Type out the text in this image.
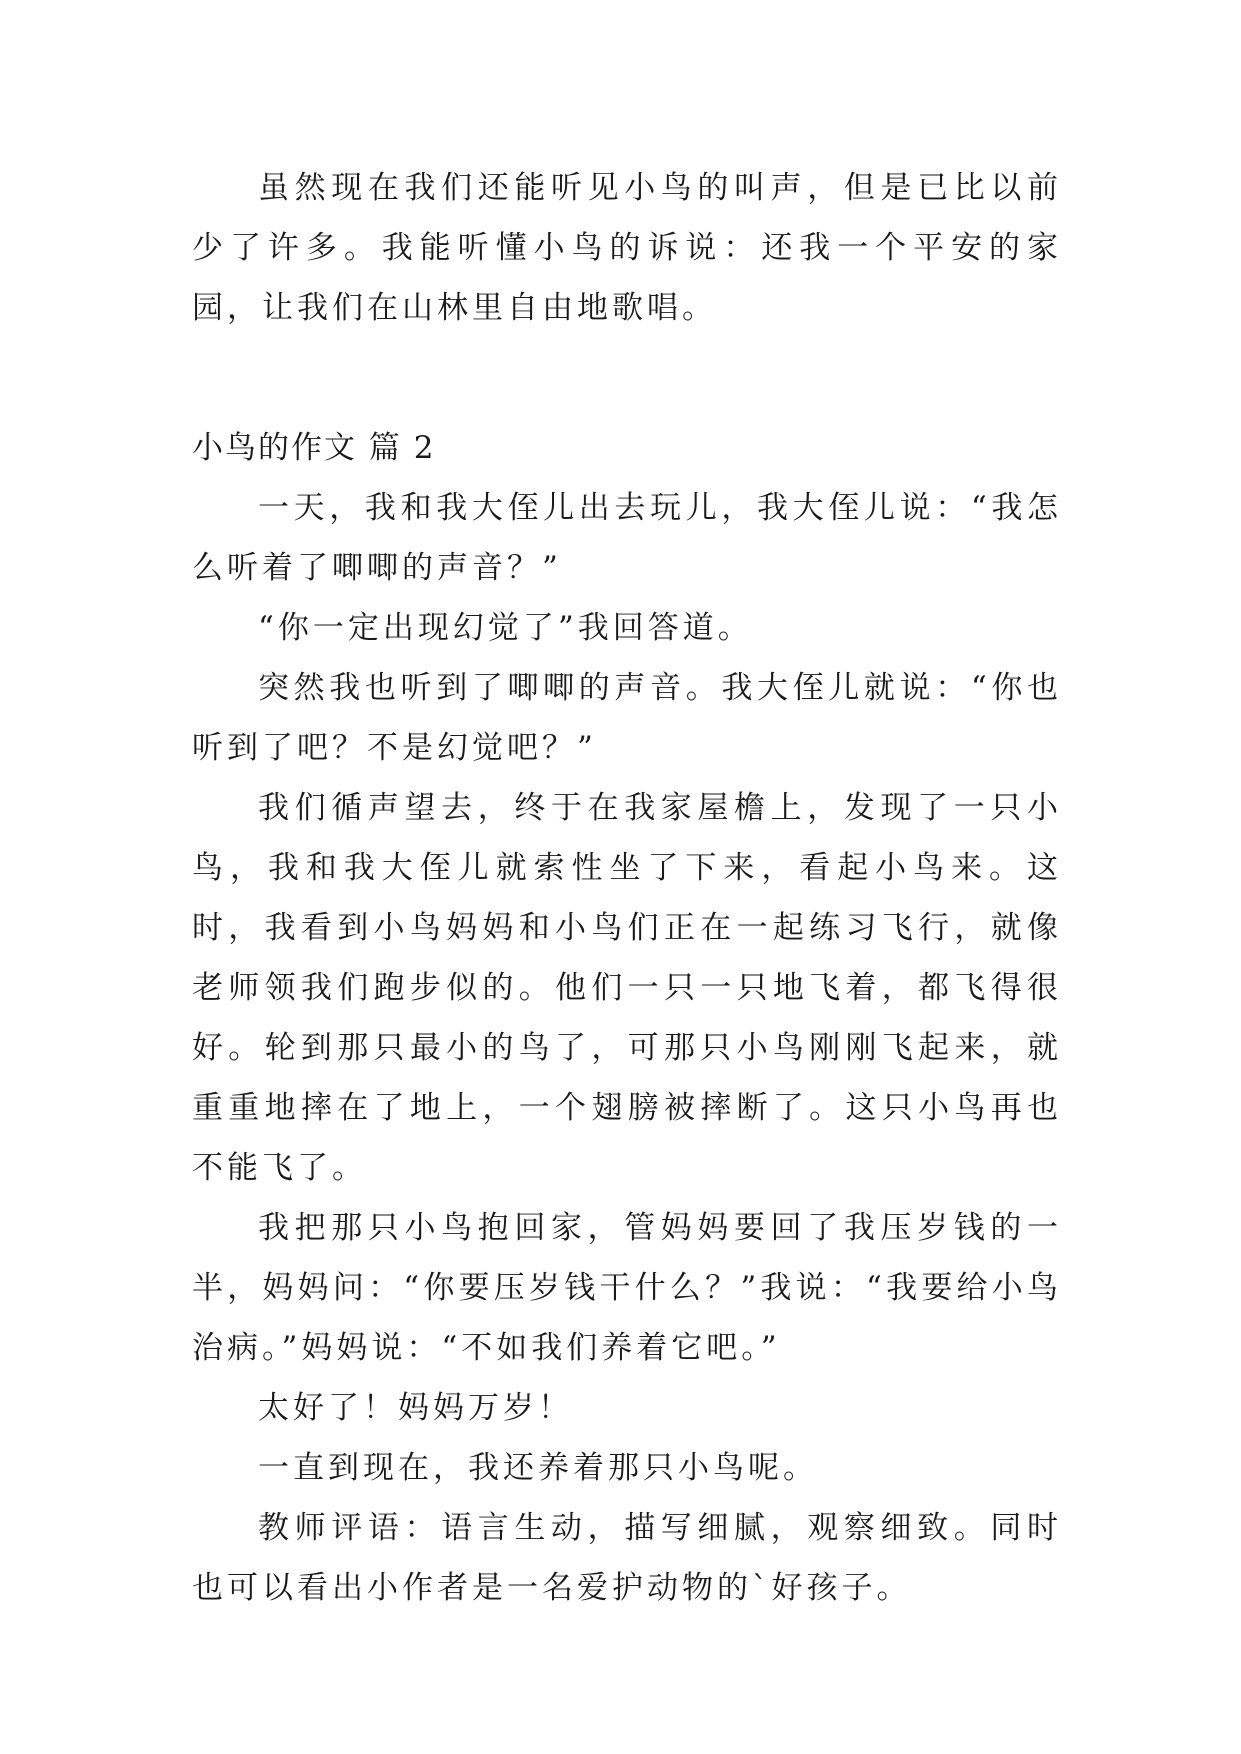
虽然现在我们还能听见小鸟的叫声，但是已比以前少了许多。我能听懂小鸟的诉说：还我一个平安的家园，让我们在山林里自由地歌唱。

小鸟的作文 篇 2

一天，我和我大侄儿出去玩儿，我大侄儿说：“我怎么听着了唧唧的声音？”

“你一定出现幻觉了”我回答道。

突然我也听到了唧唧的声音。我大侄儿就说：“你也听到了吧？不是幻觉吧？”

我们循声望去，终于在我家屋檐上，发现了一只小鸟，我和我大侄儿就索性坐了下来，看起小鸟来。这时，我看到小鸟妈妈和小鸟们正在一起练习飞行，就像老师领我们跑步似的。他们一只一只地飞着，都飞得很好。轮到那只最小的鸟了，可那只小鸟刚刚飞起来，就重重地摔在了地上，一个翅膀被摔断了。这只小鸟再也不能飞了。

我把那只小鸟抱回家，管妈妈要回了我压岁钱的一半，妈妈问：“你要压岁钱干什么？”我说：“我要给小鸟治病。”妈妈说：“不如我们养着它吧。”

太好了！妈妈万岁！

一直到现在，我还养着那只小鸟呢。

教师评语：语言生动，描写细腻，观察细致。同时也可以看出小作者是一名爱护动物的`好孩子。
